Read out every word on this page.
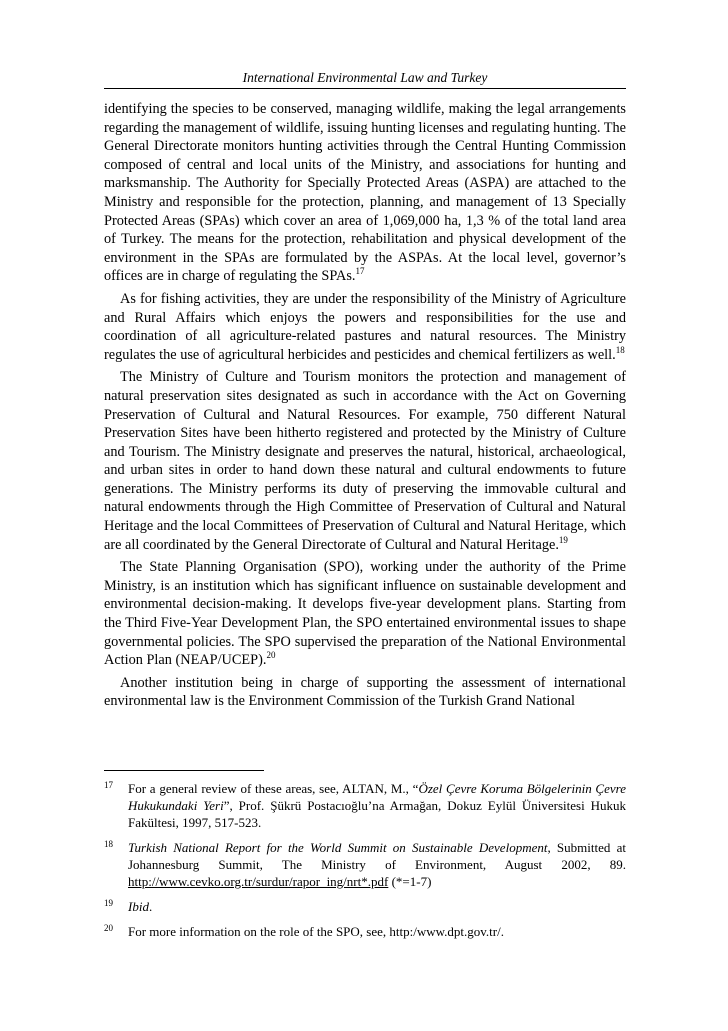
International Environmental Law and Turkey

identifying the species to be conserved, managing wildlife, making the legal arrangements regarding the management of wildlife, issuing hunting licenses and regulating hunting. The General Directorate monitors hunting activities through the Central Hunting Commission composed of central and local units of the Ministry, and associations for hunting and marksmanship. The Authority for Specially Protected Areas (ASPA) are attached to the Ministry and responsible for the protection, planning, and management of 13 Specially Protected Areas (SPAs) which cover an area of 1,069,000 ha, 1,3 % of the total land area of Turkey. The means for the protection, rehabilitation and physical development of the environment in the SPAs are formulated by the ASPAs. At the local level, governor’s offices are in charge of regulating the SPAs.$^{17}$

As for fishing activities, they are under the responsibility of the Ministry of Agriculture and Rural Affairs which enjoys the powers and responsibilities for the use and coordination of all agriculture-related pastures and natural resources. The Ministry regulates the use of agricultural herbicides and pesticides and chemical fertilizers as well.$^{18}$

The Ministry of Culture and Tourism monitors the protection and management of natural preservation sites designated as such in accordance with the Act on Governing Preservation of Cultural and Natural Resources. For example, 750 different Natural Preservation Sites have been hitherto registered and protected by the Ministry of Culture and Tourism. The Ministry designate and preserves the natural, historical, archaeological, and urban sites in order to hand down these natural and cultural endowments to future generations. The Ministry performs its duty of preserving the immovable cultural and natural endowments through the High Committee of Preservation of Cultural and Natural Heritage and the local Committees of Preservation of Cultural and Natural Heritage, which are all coordinated by the General Directorate of Cultural and Natural Heritage.$^{19}$

The State Planning Organisation (SPO), working under the authority of the Prime Ministry, is an institution which has significant influence on sustainable development and environmental decision-making. It develops five-year development plans. Starting from the Third Five-Year Development Plan, the SPO entertained environmental issues to shape governmental policies. The SPO supervised the preparation of the National Environmental Action Plan (NEAP/UCEP).$^{20}$

Another institution being in charge of supporting the assessment of international environmental law is the Environment Commission of the Turkish Grand National

17 For a general review of these areas, see, ALTAN, M., “Özel Çevre Koruma Bölgelerinin Çevre Hukukundaki Yeri”, Prof. Şükrü Postacıoğlu’na Armağan, Dokuz Eylül Üniversitesi Hukuk Fakültesi, 1997, 517-523.
18 Turkish National Report for the World Summit on Sustainable Development, Submitted at Johannesburg Summit, The Ministry of Environment, August 2002, 89. http://www.cevko.org.tr/surdur/rapor_ing/nrt*.pdf (*=1-7)
19 Ibid.
20 For more information on the role of the SPO, see, http:/www.dpt.gov.tr/.
